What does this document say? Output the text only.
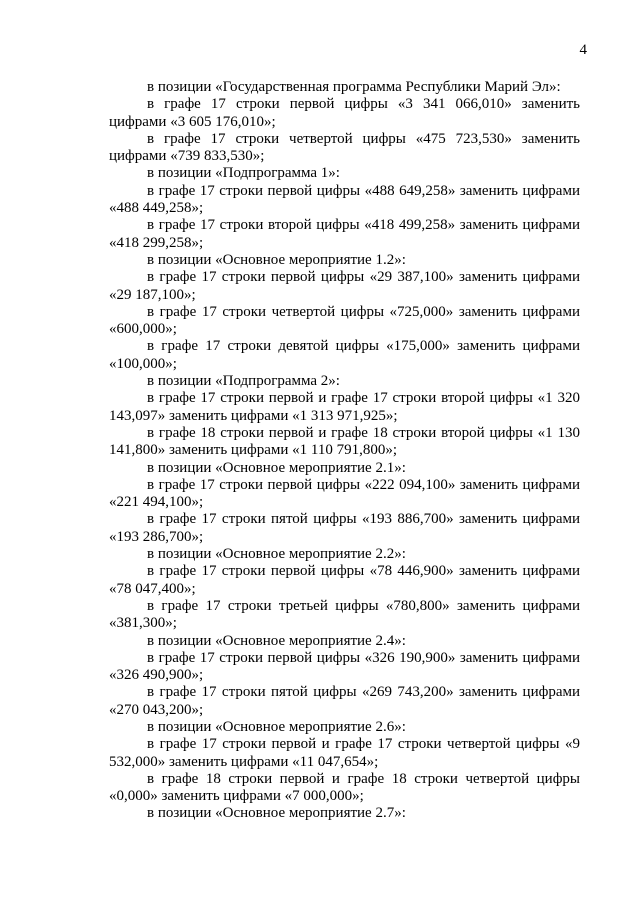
4

в позиции «Государственная программа Республики Марий Эл»:

в графе 17 строки первой цифры «3 341 066,010» заменить цифрами «3 605 176,010»;

в графе 17 строки четвертой цифры «475 723,530» заменить цифрами «739 833,530»;

в позиции «Подпрограмма 1»:

в графе 17 строки первой цифры «488 649,258» заменить цифрами «488 449,258»;

в графе 17 строки второй цифры «418 499,258» заменить цифрами «418 299,258»;

в позиции «Основное мероприятие 1.2»:

в графе 17 строки первой цифры «29 387,100» заменить цифрами «29 187,100»;

в графе 17 строки четвертой цифры «725,000» заменить цифрами «600,000»;

в графе 17 строки девятой цифры «175,000» заменить цифрами «100,000»;

в позиции «Подпрограмма 2»:

в графе 17 строки первой и графе 17 строки второй цифры «1 320 143,097» заменить цифрами «1 313 971,925»;

в графе 18 строки первой и графе 18 строки второй цифры «1 130 141,800» заменить цифрами «1 110 791,800»;

в позиции «Основное мероприятие 2.1»:

в графе 17 строки первой цифры «222 094,100» заменить цифрами «221 494,100»;

в графе 17 строки пятой цифры «193 886,700» заменить цифрами «193 286,700»;

в позиции «Основное мероприятие 2.2»:

в графе 17 строки первой цифры «78 446,900» заменить цифрами «78 047,400»;

в графе 17 строки третьей цифры «780,800» заменить цифрами «381,300»;

в позиции «Основное мероприятие 2.4»:

в графе 17 строки первой цифры «326 190,900» заменить цифрами «326 490,900»;

в графе 17 строки пятой цифры «269 743,200» заменить цифрами «270 043,200»;

в позиции «Основное мероприятие 2.6»:

в графе 17 строки первой и графе 17 строки четвертой цифры «9 532,000» заменить цифрами «11 047,654»;

в графе 18 строки первой и графе 18 строки четвертой цифры «0,000» заменить цифрами «7 000,000»;

в позиции «Основное мероприятие 2.7»:
